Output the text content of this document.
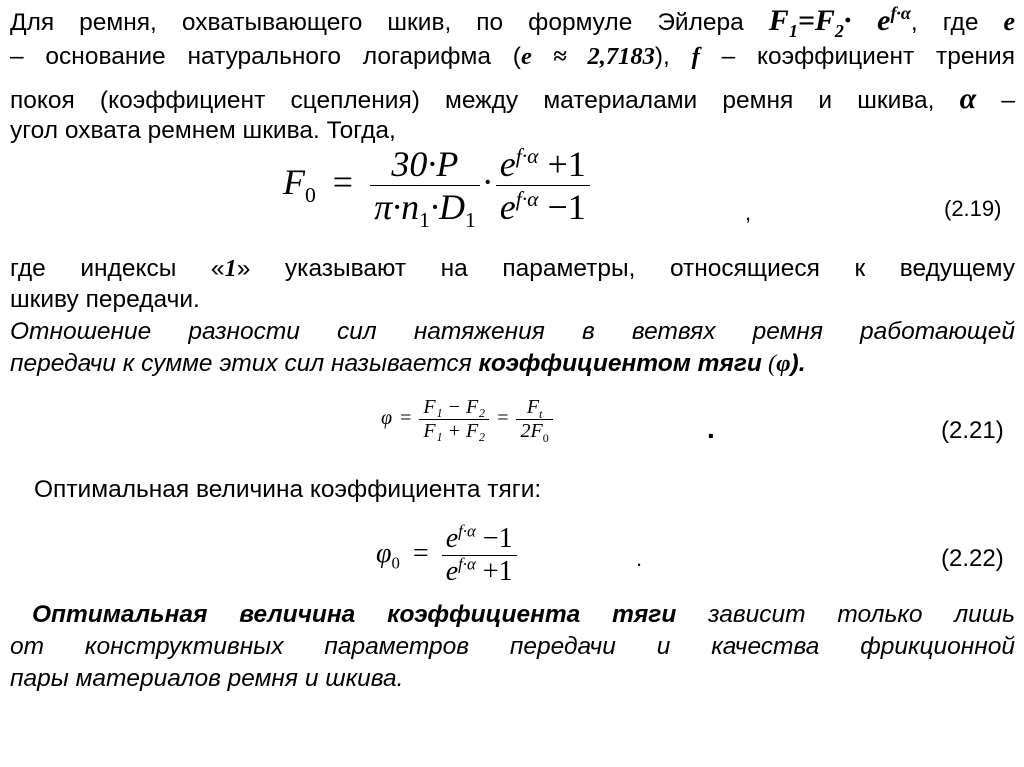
Для ремня, охватывающего шкив, по формуле Эйлера $F_1=F_2\cdot e^{f\cdot\alpha}$, где e
– основание натурального логарифма (e ≈ 2,7183), f – коэффициент трения
покоя (коэффициент сцепления) между материалами ремня и шкива, α –
угол охвата ремнем шкива. Тогда,
$F_0 = \frac{30\cdot P}{\pi\cdot n_1\cdot D_1} \cdot \frac{e^{f\cdot\alpha} +1}{e^{f\cdot\alpha} -1}$	,	(2.19)
где индексы «1» указывают на параметры, относящиеся к ведущему
шкиву передачи.
Отношение разности сил натяжения в ветвях ремня работающей
передачи к сумме этих сил называется коэффициентом тяги (φ).
$\varphi = \frac{\text{F₁ − F₂}}{\text{F₁ + F₂}} = \frac{F_t}{2F_0}$	.	(2.21)
Оптимальная величина коэффициента тяги:
$\varphi_0 = \frac{e^{f\cdot\alpha} -1}{e^{f\cdot\alpha} +1}$	.	(2.22)
Оптимальная величина коэффициента тяги зависит только лишь
от конструктивных параметров передачи и качества фрикционной
пары материалов ремня и шкива.
